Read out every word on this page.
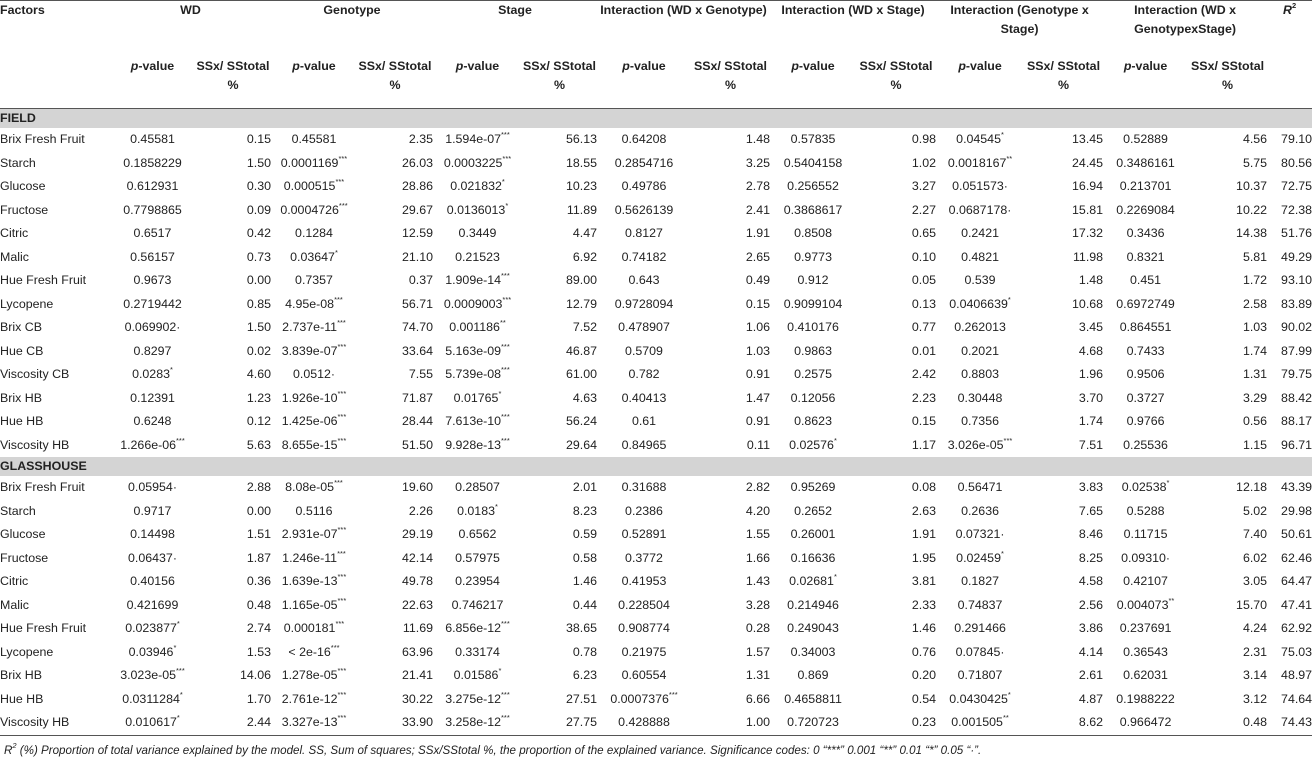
Factors	WD		Genotype		Stage		Interaction (WD x Genotype)		Interaction (WD x Stage)		Interaction (Genotype x Stage)		Interaction (WD x GenotypexStage)		$R^2$
	p-value	SSx/ SStotal %	p-value	SSx/ SStotal %	p-value	SSx/ SStotal %	p-value	SSx/ SStotal %	p-value	SSx/ SStotal %	p-value	SSx/ SStotal %	p-value	SSx/ SStotal %	
FIELD															
Brix Fresh Fruit	0.45581	0.15	0.45581	2.35	1.594e-07***	56.13	0.64208	1.48	0.57835	0.98	0.04545*	13.45	0.52889	4.56	79.10
Starch	0.1858229	1.50	0.0001169***	26.03	0.0003225***	18.55	0.2854716	3.25	0.5404158	1.02	0.0018167**	24.45	0.3486161	5.75	80.56
Glucose	0.612931	0.30	0.000515***	28.86	0.021832*	10.23	0.49786	2.78	0.256552	3.27	0.051573·	16.94	0.213701	10.37	72.75
Fructose	0.7798865	0.09	0.0004726***	29.67	0.0136013*	11.89	0.5626139	2.41	0.3868617	2.27	0.0687178·	15.81	0.2269084	10.22	72.38
Citric	0.6517	0.42	0.1284	12.59	0.3449	4.47	0.8127	1.91	0.8508	0.65	0.2421	17.32	0.3436	14.38	51.76
Malic	0.56157	0.73	0.03647*	21.10	0.21523	6.92	0.74182	2.65	0.9773	0.10	0.4821	11.98	0.8321	5.81	49.29
Hue Fresh Fruit	0.9673	0.00	0.7357	0.37	1.909e-14***	89.00	0.643	0.49	0.912	0.05	0.539	1.48	0.451	1.72	93.10
Lycopene	0.2719442	0.85	4.95e-08***	56.71	0.0009003***	12.79	0.9728094	0.15	0.9099104	0.13	0.0406639*	10.68	0.6972749	2.58	83.89
Brix CB	0.069902·	1.50	2.737e-11***	74.70	0.001186**	7.52	0.478907	1.06	0.410176	0.77	0.262013	3.45	0.864551	1.03	90.02
Hue CB	0.8297	0.02	3.839e-07***	33.64	5.163e-09***	46.87	0.5709	1.03	0.9863	0.01	0.2021	4.68	0.7433	1.74	87.99
Viscosity CB	0.0283*	4.60	0.0512·	7.55	5.739e-08***	61.00	0.782	0.91	0.2575	2.42	0.8803	1.96	0.9506	1.31	79.75
Brix HB	0.12391	1.23	1.926e-10***	71.87	0.01765*	4.63	0.40413	1.47	0.12056	2.23	0.30448	3.70	0.3727	3.29	88.42
Hue HB	0.6248	0.12	1.425e-06***	28.44	7.613e-10***	56.24	0.61	0.91	0.8623	0.15	0.7356	1.74	0.9766	0.56	88.17
Viscosity HB	1.266e-06***	5.63	8.655e-15***	51.50	9.928e-13***	29.64	0.84965	0.11	0.02576*	1.17	3.026e-05***	7.51	0.25536	1.15	96.71
GLASSHOUSE															
Brix Fresh Fruit	0.05954·	2.88	8.08e-05***	19.60	0.28507	2.01	0.31688	2.82	0.95269	0.08	0.56471	3.83	0.02538*	12.18	43.39
Starch	0.9717	0.00	0.5116	2.26	0.0183*	8.23	0.2386	4.20	0.2652	2.63	0.2636	7.65	0.5288	5.02	29.98
Glucose	0.14498	1.51	2.931e-07***	29.19	0.6562	0.59	0.52891	1.55	0.26001	1.91	0.07321·	8.46	0.11715	7.40	50.61
Fructose	0.06437·	1.87	1.246e-11***	42.14	0.57975	0.58	0.3772	1.66	0.16636	1.95	0.02459*	8.25	0.09310·	6.02	62.46
Citric	0.40156	0.36	1.639e-13***	49.78	0.23954	1.46	0.41953	1.43	0.02681*	3.81	0.1827	4.58	0.42107	3.05	64.47
Malic	0.421699	0.48	1.165e-05***	22.63	0.746217	0.44	0.228504	3.28	0.214946	2.33	0.74837	2.56	0.004073**	15.70	47.41
Hue Fresh Fruit	0.023877*	2.74	0.000181***	11.69	6.856e-12***	38.65	0.908774	0.28	0.249043	1.46	0.291466	3.86	0.237691	4.24	62.92
Lycopene	0.03946*	1.53	< 2e-16***	63.96	0.33174	0.78	0.21975	1.57	0.34003	0.76	0.07845·	4.14	0.36543	2.31	75.03
Brix HB	3.023e-05***	14.06	1.278e-05***	21.41	0.01586*	6.23	0.60554	1.31	0.869	0.20	0.71807	2.61	0.62031	3.14	48.97
Hue HB	0.0311284*	1.70	2.761e-12***	30.22	3.275e-12***	27.51	0.0007376***	6.66	0.4658811	0.54	0.0430425*	4.87	0.1988222	3.12	74.64
Viscosity HB	0.010617*	2.44	3.327e-13***	33.90	3.258e-12***	27.75	0.428888	1.00	0.720723	0.23	0.001505**	8.62	0.966472	0.48	74.43
$R^2$ (%) Proportion of total variance explained by the model. SS, Sum of squares; SSx/SStotal %, the proportion of the explained variance. Significance codes: 0 “***” 0.001 “**” 0.01 “*” 0.05 “·”.
